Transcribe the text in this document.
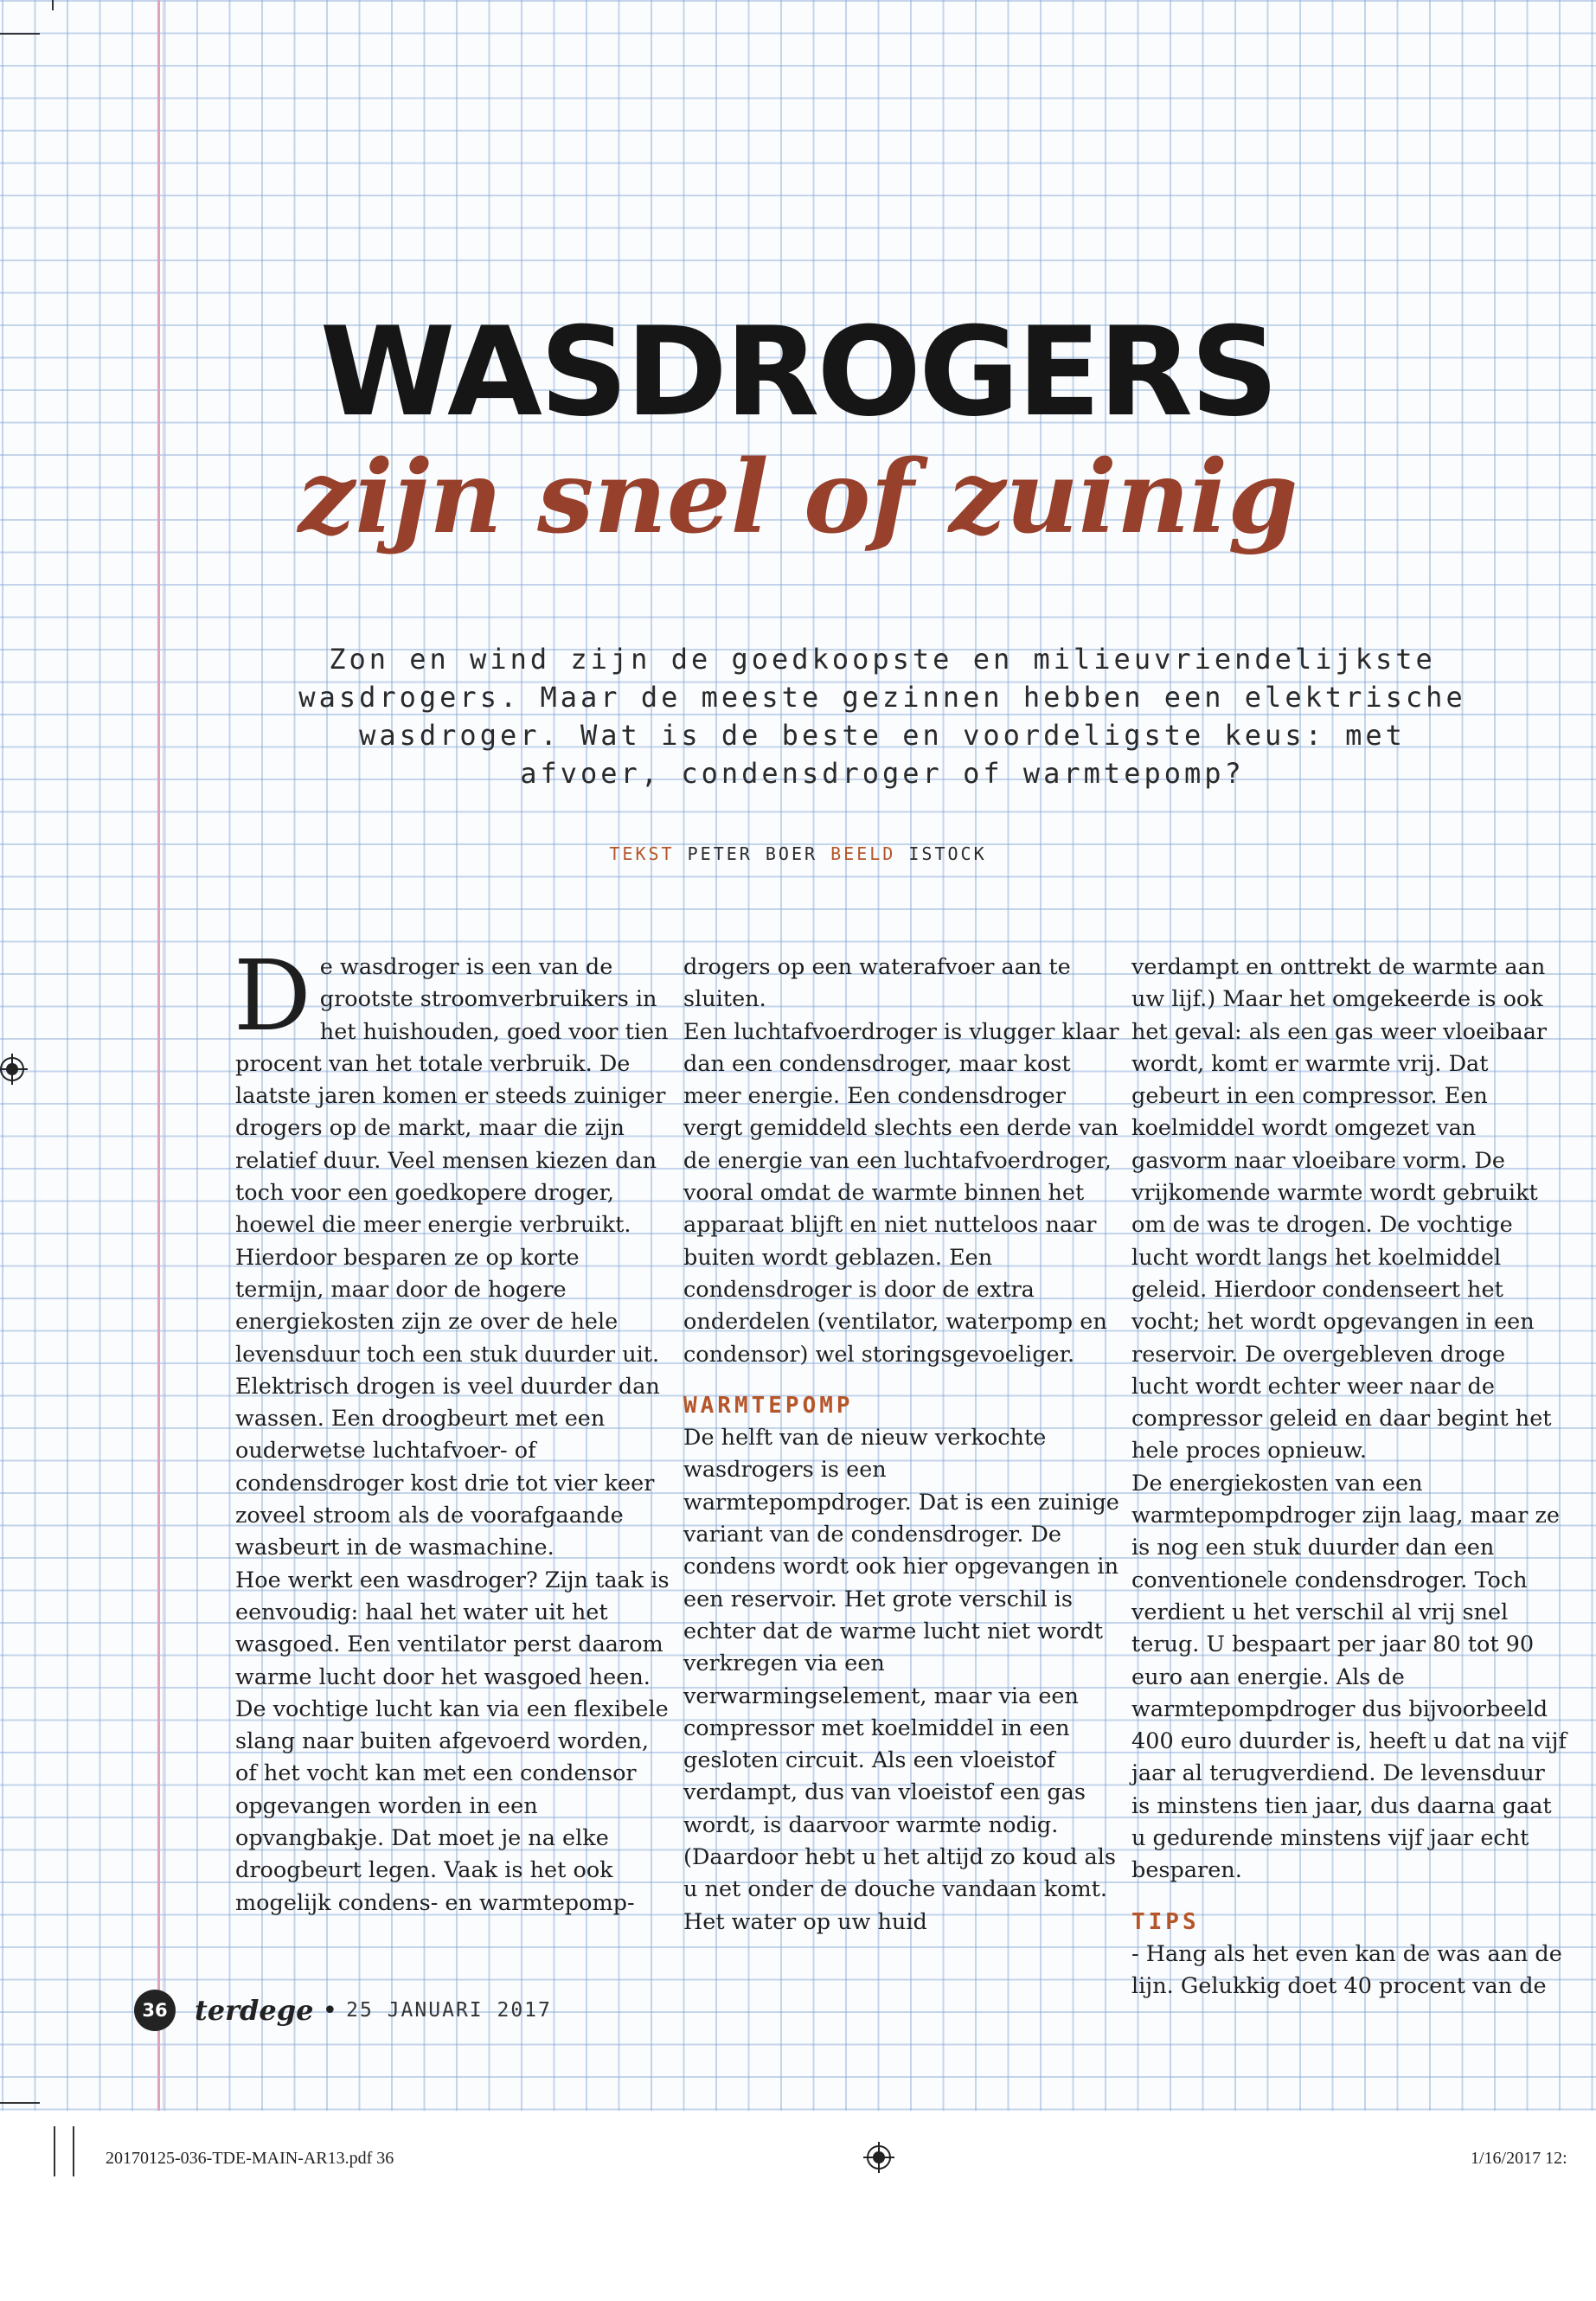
WASDROGERS
zijn snel of zuinig

Zon en wind zijn de goedkoopste en milieuvriendelijkste wasdrogers. Maar de meeste gezinnen hebben een elektrische wasdroger. Wat is de beste en voordeligste keus: met afvoer, condensdroger of warmtepomp?

TEKST PETER BOER BEELD ISTOCK

De wasdroger is een van de grootste stroomverbruikers in het huishouden, goed voor tien procent van het totale verbruik. De laatste jaren komen er steeds zuiniger drogers op de markt, maar die zijn relatief duur. Veel mensen kiezen dan toch voor een goedkopere droger, hoewel die meer energie verbruikt. Hierdoor besparen ze op korte termijn, maar door de hogere energiekosten zijn ze over de hele levensduur toch een stuk duurder uit.

Elektrisch drogen is veel duurder dan wassen. Een droogbeurt met een ouderwetse luchtafvoer- of condensdroger kost drie tot vier keer zoveel stroom als de voorafgaande wasbeurt in de wasmachine.

Hoe werkt een wasdroger? Zijn taak is eenvoudig: haal het water uit het wasgoed. Een ventilator perst daarom warme lucht door het wasgoed heen. De vochtige lucht kan via een flexibele slang naar buiten afgevoerd worden, of het vocht kan met een condensor opgevangen worden in een opvangbakje. Dat moet je na elke droogbeurt legen. Vaak is het ook mogelijk condens- en warmtepomp-

drogers op een waterafvoer aan te sluiten.

Een luchtafvoerdroger is vlugger klaar dan een condensdroger, maar kost meer energie. Een condensdroger vergt gemiddeld slechts een derde van de energie van een luchtafvoerdroger, vooral omdat de warmte binnen het apparaat blijft en niet nutteloos naar buiten wordt geblazen. Een condensdroger is door de extra onderdelen (ventilator, waterpomp en condensor) wel storingsgevoeliger.

WARMTEPOMP

De helft van de nieuw verkochte wasdrogers is een warmtepompdroger. Dat is een zuinige variant van de condensdroger. De condens wordt ook hier opgevangen in een reservoir. Het grote verschil is echter dat de warme lucht niet wordt verkregen via een verwarmingselement, maar via een compressor met koelmiddel in een gesloten circuit. Als een vloeistof verdampt, dus van vloeistof een gas wordt, is daarvoor warmte nodig. (Daardoor hebt u het altijd zo koud als u net onder de douche vandaan komt. Het water op uw huid

verdampt en onttrekt de warmte aan uw lijf.) Maar het omgekeerde is ook het geval: als een gas weer vloeibaar wordt, komt er warmte vrij. Dat gebeurt in een compressor. Een koelmiddel wordt omgezet van gasvorm naar vloeibare vorm. De vrijkomende warmte wordt gebruikt om de was te drogen. De vochtige lucht wordt langs het koelmiddel geleid. Hierdoor condenseert het vocht; het wordt opgevangen in een reservoir. De overgebleven droge lucht wordt echter weer naar de compressor geleid en daar begint het hele proces opnieuw.

De energiekosten van een warmtepompdroger zijn laag, maar ze is nog een stuk duurder dan een conventionele condensdroger. Toch verdient u het verschil al vrij snel terug. U bespaart per jaar 80 tot 90 euro aan energie. Als de warmtepompdroger dus bijvoorbeeld 400 euro duurder is, heeft u dat na vijf jaar al terugverdiend. De levensduur is minstens tien jaar, dus daarna gaat u gedurende minstens vijf jaar echt besparen.

TIPS

- Hang als het even kan de was aan de lijn. Gelukkig doet 40 procent van de

36 terdege • 25 JANUARI 2017
20170125-036-TDE-MAIN-AR13.pdf 36	1/16/2017 12:
